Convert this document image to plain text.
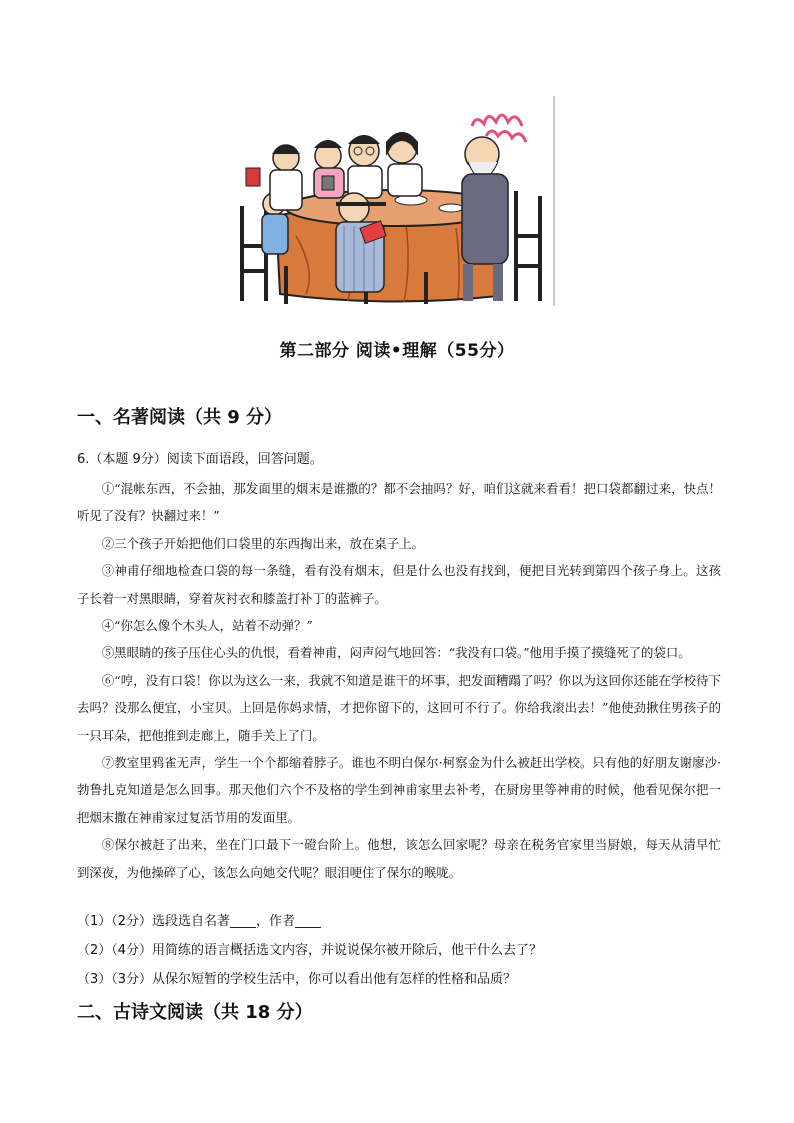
第二部分 阅读•理解（55分）
一、名著阅读（共 9 分）
6.（本题 9分）阅读下面语段，回答问题。

①“混帐东西，不会抽，那发面里的烟末是谁撒的？都不会抽吗？好，咱们这就来看看！把口袋都翻过来，快点！听见了没有？快翻过来！”

②三个孩子开始把他们口袋里的东西掏出来，放在桌子上。

③神甫仔细地检查口袋的每一条缝，看有没有烟末，但是什么也没有找到，便把目光转到第四个孩子身上。这孩子长着一对黑眼睛，穿着灰衬衣和膝盖打补丁的蓝裤子。

④“你怎么像个木头人，站着不动弹？”

⑤黑眼睛的孩子压住心头的仇恨，看着神甫，闷声闷气地回答：“我没有口袋。”他用手摸了摸缝死了的袋口。

⑥“哼，没有口袋！你以为这么一来，我就不知道是谁干的坏事，把发面糟蹋了吗？你以为这回你还能在学校待下去吗？没那么便宜，小宝贝。上回是你妈求情，才把你留下的，这回可不行了。你给我滚出去！”他使劲揪住男孩子的一只耳朵，把他推到走廊上，随手关上了门。

⑦教室里鸦雀无声，学生一个个都缩着脖子。谁也不明白保尔·柯察金为什么被赶出学校。只有他的好朋友谢廖沙·勃鲁扎克知道是怎么回事。那天他们六个不及格的学生到神甫家里去补考，在厨房里等神甫的时候，他看见保尔把一把烟末撒在神甫家过复活节用的发面里。

⑧保尔被赶了出来，坐在门口最下一磴台阶上。他想，该怎么回家呢？母亲在税务官家里当厨娘，每天从清早忙到深夜，为他操碎了心，该怎么向她交代呢？眼泪哽住了保尔的喉咙。

（1）（2分）选段选自名著____，作者____
（2）（4分）用简练的语言概括选文内容，并说说保尔被开除后，他干什么去了？
（3）（3分）从保尔短暂的学校生活中，你可以看出他有怎样的性格和品质？
二、古诗文阅读（共 18 分）
